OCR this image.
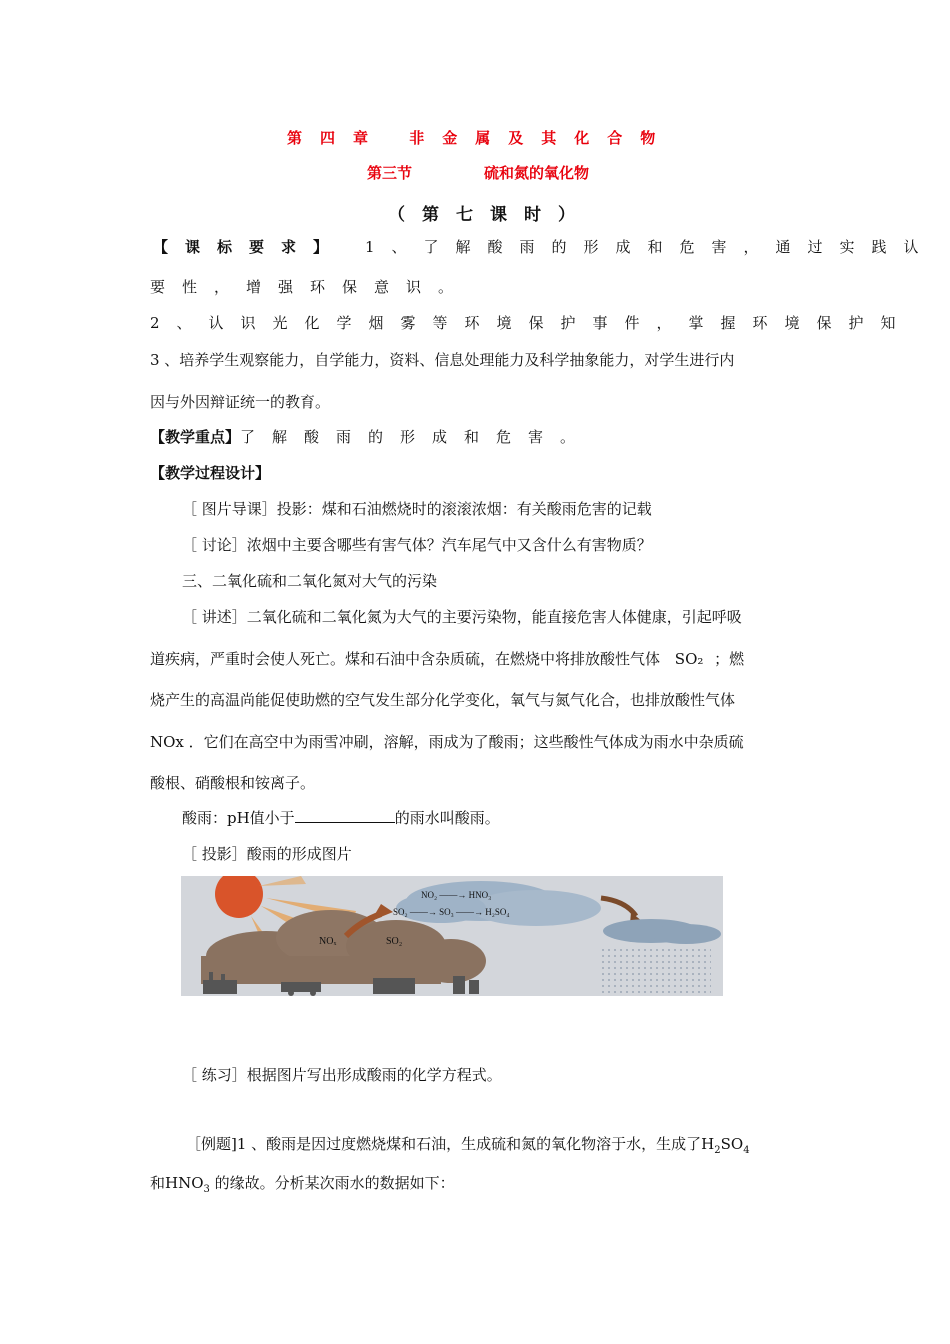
第四章 非金属及其化合物
第三节	硫和氮的氧化物
（第七课时）
【课标要求】 1、了解酸雨的形成和危害，通过实践认
要性，增强环保意识。
2、认识光化学烟雾等环境保护事件，掌握环境保护知
3 、培养学生观察能力，自学能力，资料、信息处理能力及科学抽象能力，对学生进行内
因与外因辩证统一的教育。
【教学重点】了解酸雨的形成和危害。
【教学过程设计】
［ 图片导课］投影：煤和石油燃烧时的滚滚浓烟：有关酸雨危害的记载
［ 讨论］浓烟中主要含哪些有害气体？汽车尾气中又含什么有害物质？
三、二氧化硫和二氧化氮对大气的污染
［ 讲述］二氧化硫和二氧化氮为大气的主要污染物，能直接危害人体健康，引起呼吸
道疾病，严重时会使人死亡。煤和石油中含杂质硫，在燃烧中将排放酸性气体 SO₂ ；燃
烧产生的高温尚能促使助燃的空气发生部分化学变化，氧气与氮气化合，也排放酸性气体
NOx ．它们在高空中为雨雪冲刷，溶解，雨成为了酸雨；这些酸性气体成为雨水中杂质硫
酸根、硝酸根和铵离子。
酸雨：pH值小于	的雨水叫酸雨。
［ 投影］酸雨的形成图片
NOₓ	SO₂
NO₂ ——→ HNO₃
SO₂ ——→ SO₃ ——→ H₂SO₄
［ 练习］根据图片写出形成酸雨的化学方程式。
［例题]1 、酸雨是因过度燃烧煤和石油，生成硫和氮的氧化物溶于水，生成了$H_2SO_4$
和$HNO_3$ 的缘故。分析某次雨水的数据如下：
